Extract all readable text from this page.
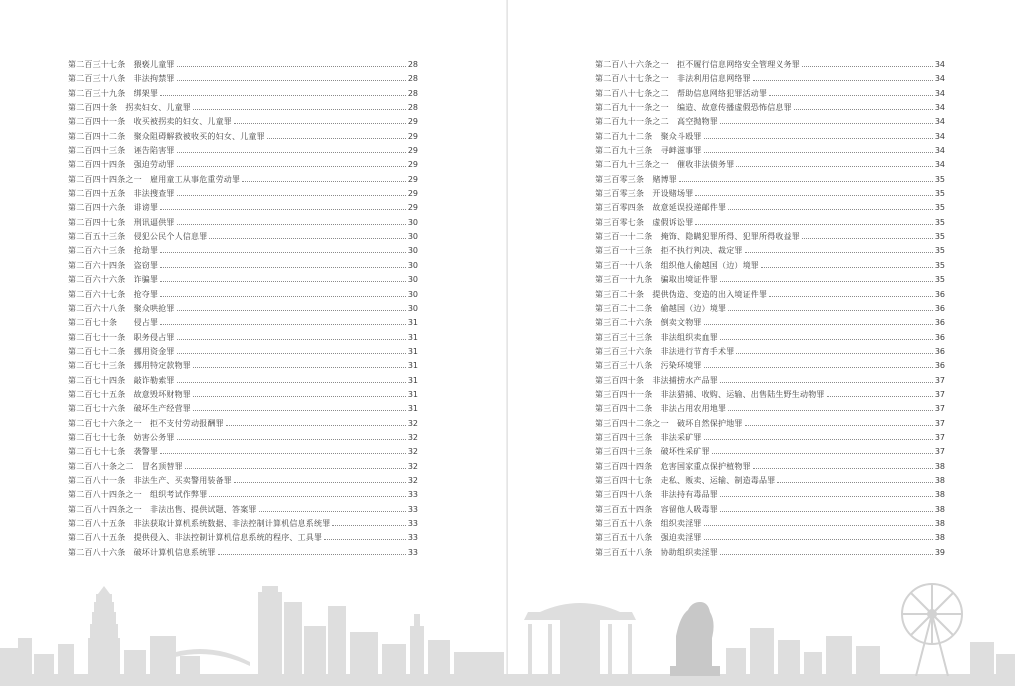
第二百三十七条　猥亵儿童罪	28
第二百三十八条　非法拘禁罪	28
第二百三十九条　绑架罪	28
第二百四十条　拐卖妇女、儿童罪	28
第二百四十一条　收买被拐卖的妇女、儿童罪	29
第二百四十二条　聚众阻碍解救被收买的妇女、儿童罪	29
第二百四十三条　诬告陷害罪	29
第二百四十四条　强迫劳动罪	29
第二百四十四条之一　雇用童工从事危重劳动罪	29
第二百四十五条　非法搜查罪	29
第二百四十六条　诽谤罪	29
第二百四十七条　刑讯逼供罪	30
第二百五十三条　侵犯公民个人信息罪	30
第二百六十三条　抢劫罪	30
第二百六十四条　盗窃罪	30
第二百六十六条　诈骗罪	30
第二百六十七条　抢夺罪	30
第二百六十八条　聚众哄抢罪	30
第二百七十条　　侵占罪	31
第二百七十一条　职务侵占罪	31
第二百七十二条　挪用资金罪	31
第二百七十三条　挪用特定款物罪	31
第二百七十四条　敲诈勒索罪	31
第二百七十五条　故意毁坏财物罪	31
第二百七十六条　破坏生产经营罪	31
第二百七十六条之一　拒不支付劳动报酬罪	32
第二百七十七条　妨害公务罪	32
第二百七十七条　袭警罪	32
第二百八十条之二　冒名顶替罪	32
第二百八十一条　非法生产、买卖警用装备罪	32
第二百八十四条之一　组织考试作弊罪	33
第二百八十四条之一　非法出售、提供试题、答案罪	33
第二百八十五条　非法获取计算机系统数据、非法控制计算机信息系统罪	33
第二百八十五条　提供侵入、非法控制计算机信息系统的程序、工具罪	33
第二百八十六条　破坏计算机信息系统罪	33
第二百八十六条之一　拒不履行信息网络安全管理义务罪	34
第二百八十七条之一　非法利用信息网络罪	34
第二百八十七条之二　帮助信息网络犯罪活动罪	34
第二百九十一条之一　编造、故意传播虚假恐怖信息罪	34
第二百九十一条之二　高空抛物罪	34
第二百九十二条　聚众斗殴罪	34
第二百九十三条　寻衅滋事罪	34
第二百九十三条之一　催收非法债务罪	34
第三百零三条　赌博罪	35
第三百零三条　开设赌场罪	35
第三百零四条　故意延误投递邮件罪	35
第三百零七条　虚假诉讼罪	35
第三百一十二条　掩饰、隐瞒犯罪所得、犯罪所得收益罪	35
第三百一十三条　拒不执行判决、裁定罪	35
第三百一十八条　组织他人偷越国（边）境罪	35
第三百一十九条　骗取出境证件罪	35
第三百二十条　提供伪造、变造的出入境证件罪	36
第三百二十二条　偷越国（边）境罪	36
第三百二十六条　倒卖文物罪	36
第三百三十三条　非法组织卖血罪	36
第三百三十六条　非法进行节育手术罪	36
第三百三十八条　污染环境罪	36
第三百四十条　非法捕捞水产品罪	37
第三百四十一条　非法猎捕、收购、运输、出售陆生野生动物罪	37
第三百四十二条　非法占用农用地罪	37
第三百四十二条之一　破坏自然保护地罪	37
第三百四十三条　非法采矿罪	37
第三百四十三条　破坏性采矿罪	37
第三百四十四条　危害国家重点保护植物罪	38
第三百四十七条　走私、贩卖、运输、制造毒品罪	38
第三百四十八条　非法持有毒品罪	38
第三百五十四条　容留他人吸毒罪	38
第三百五十八条　组织卖淫罪	38
第三百五十八条　强迫卖淫罪	38
第三百五十八条　协助组织卖淫罪	39
